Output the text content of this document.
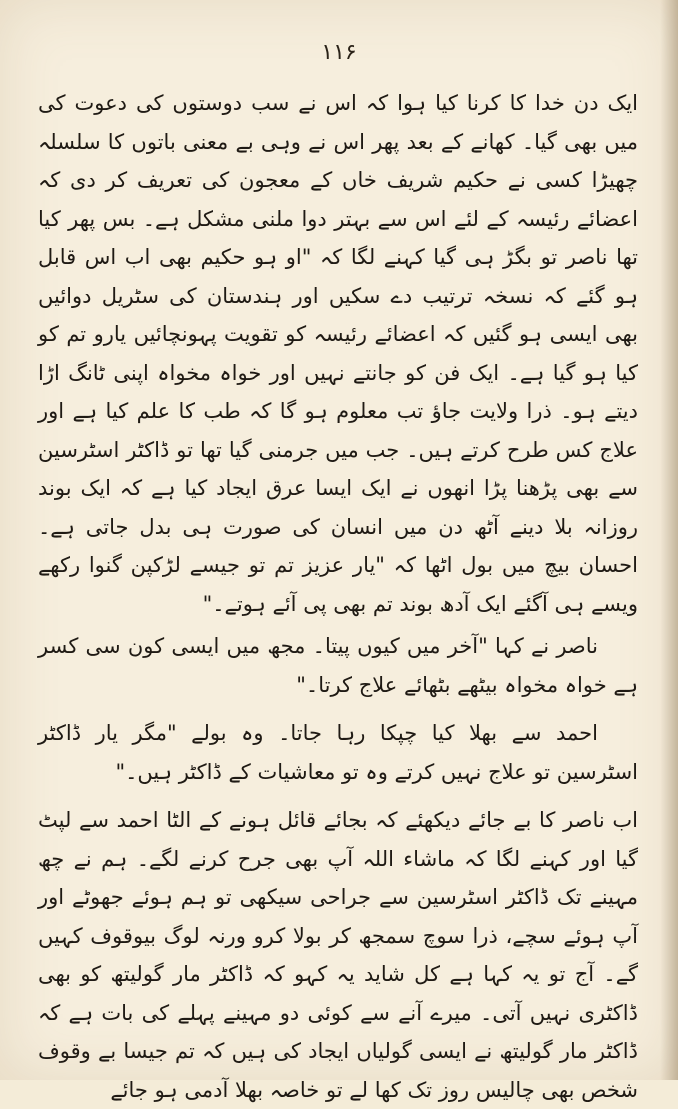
۱۱۶

ایک دن خدا کا کرنا کیا ہوا کہ اس نے سب دوستوں کی دعوت کی میں بھی گیا۔ کھانے کے بعد پھر اس نے وہی بے معنی باتوں کا سلسلہ چھیڑا کسی نے حکیم شریف خاں کے معجون کی تعریف کر دی کہ اعضائے رئیسہ کے لئے اس سے بہتر دوا ملنی مشکل ہے۔ بس پھر کیا تھا ناصر تو بگڑ ہی گیا کہنے لگا کہ "او ہو حکیم بھی اب اس قابل ہو گئے کہ نسخہ ترتیب دے سکیں اور ہندستان کی سٹریل دوائیں بھی ایسی ہو گئیں کہ اعضائے رئیسہ کو تقویت پہونچائیں یارو تم کو کیا ہو گیا ہے۔ ایک فن کو جانتے نہیں اور خواہ مخواہ اپنی ٹانگ اڑا دیتے ہو۔ ذرا ولایت جاؤ تب معلوم ہو گا کہ طب کا علم کیا ہے اور علاج کس طرح کرتے ہیں۔ جب میں جرمنی گیا تھا تو ڈاکٹر اسٹرسین سے بھی پڑھنا پڑا انھوں نے ایک ایسا عرق ایجاد کیا ہے کہ ایک بوند روزانہ بلا دینے آٹھ دن میں انسان کی صورت ہی بدل جاتی ہے۔ احسان بیچ میں بول اٹھا کہ "یار عزیز تم تو جیسے لڑکپن گنوا رکھے ویسے ہی آگئے ایک آدھ بوند تم بھی پی آئے ہوتے۔"

ناصر نے کہا "آخر میں کیوں پیتا۔ مجھ میں ایسی کون سی کسر ہے خواہ مخواہ بیٹھے بٹھائے علاج کرتا۔"

احمد سے بھلا کیا چپکا رہا جاتا۔ وہ بولے "مگر یار ڈاکٹر اسٹرسین تو علاج نہیں کرتے وہ تو معاشیات کے ڈاکٹر ہیں۔"

اب ناصر کا بے جائے دیکھئے کہ بجائے قائل ہونے کے الٹا احمد سے لپٹ گیا اور کہنے لگا کہ ماشاء اللہ آپ بھی جرح کرنے لگے۔ ہم نے چھ مہینے تک ڈاکٹر اسٹرسین سے جراحی سیکھی تو ہم ہوئے جھوٹے اور آپ ہوئے سچے، ذرا سوچ سمجھ کر بولا کرو ورنہ لوگ بیوقوف کہیں گے۔ آج تو یہ کہا ہے کل شاید یہ کہو کہ ڈاکٹر مار گولیتھ کو بھی ڈاکٹری نہیں آتی۔ میرے آنے سے کوئی دو مہینے پہلے کی بات ہے کہ ڈاکٹر مار گولیتھ نے ایسی گولیاں ایجاد کی ہیں کہ تم جیسا بے وقوف شخص بھی چالیس روز تک کھا لے تو خاصہ بھلا آدمی ہو جائے
